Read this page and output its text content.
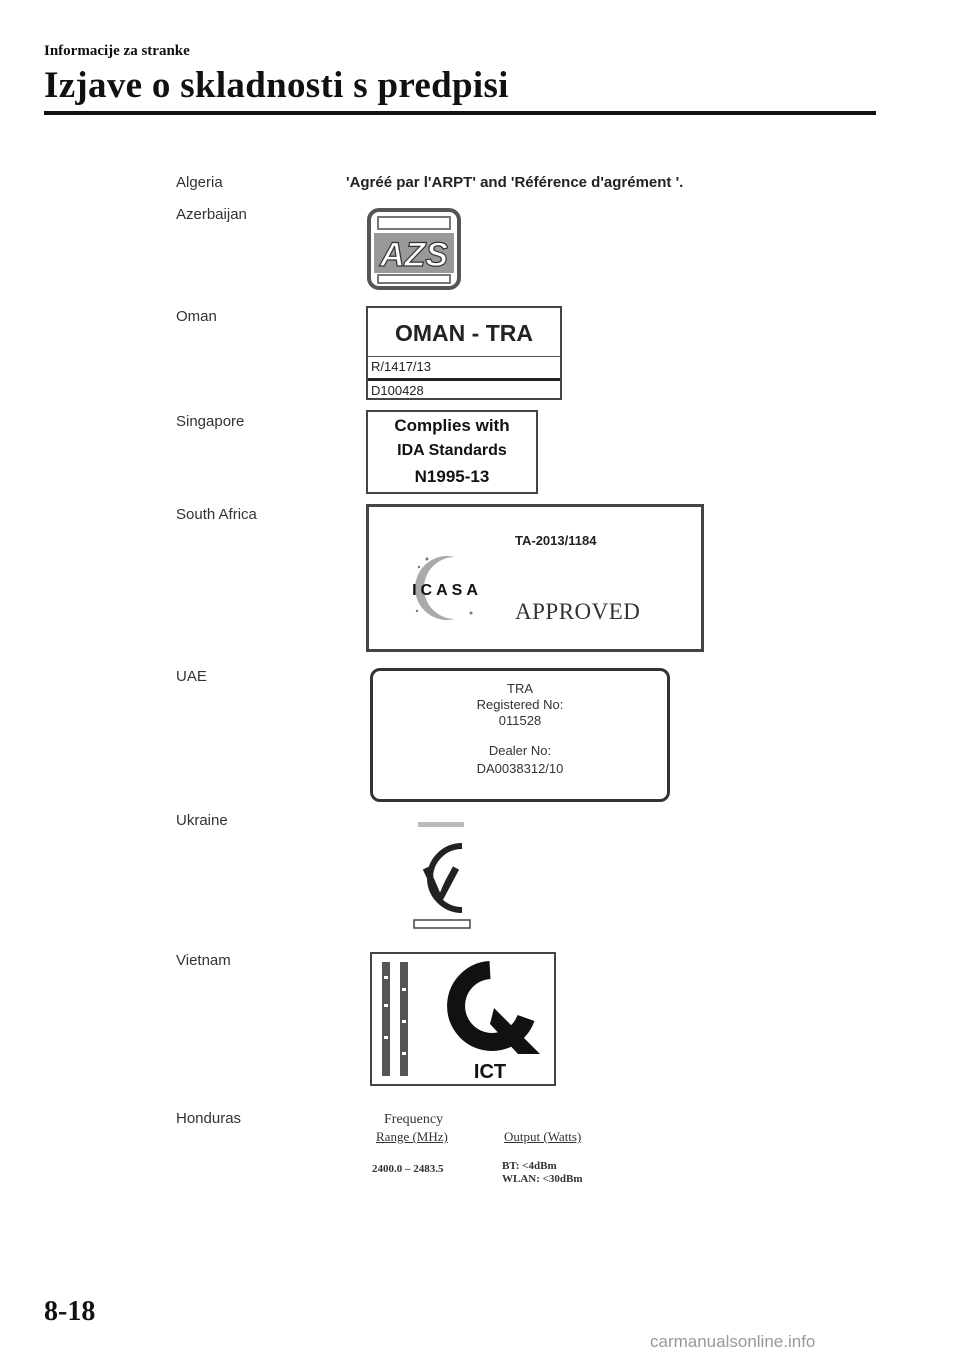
Informacije za stranke
Izjave o skladnosti s predpisi
Algeria	'Agréé par l'ARPT' and 'Référence d'agrément '.
Azerbaijan
AZS
Oman
OMAN - TRA
R/1417/13
D100428
Singapore	Complies with
IDA Standards
N1995-13
South Africa
TA-2013/1184
ICASA
APPROVED
UAE
TRA
Registered No:
011528
Dealer No:
DA0038312/10
Ukraine
Vietnam
ICT
Honduras	Frequency
Range (MHz)	Output (Watts)
2400.0 – 2483.5	BT: <4dBm
WLAN: <30dBm
8-18
carmanualsonline.info
